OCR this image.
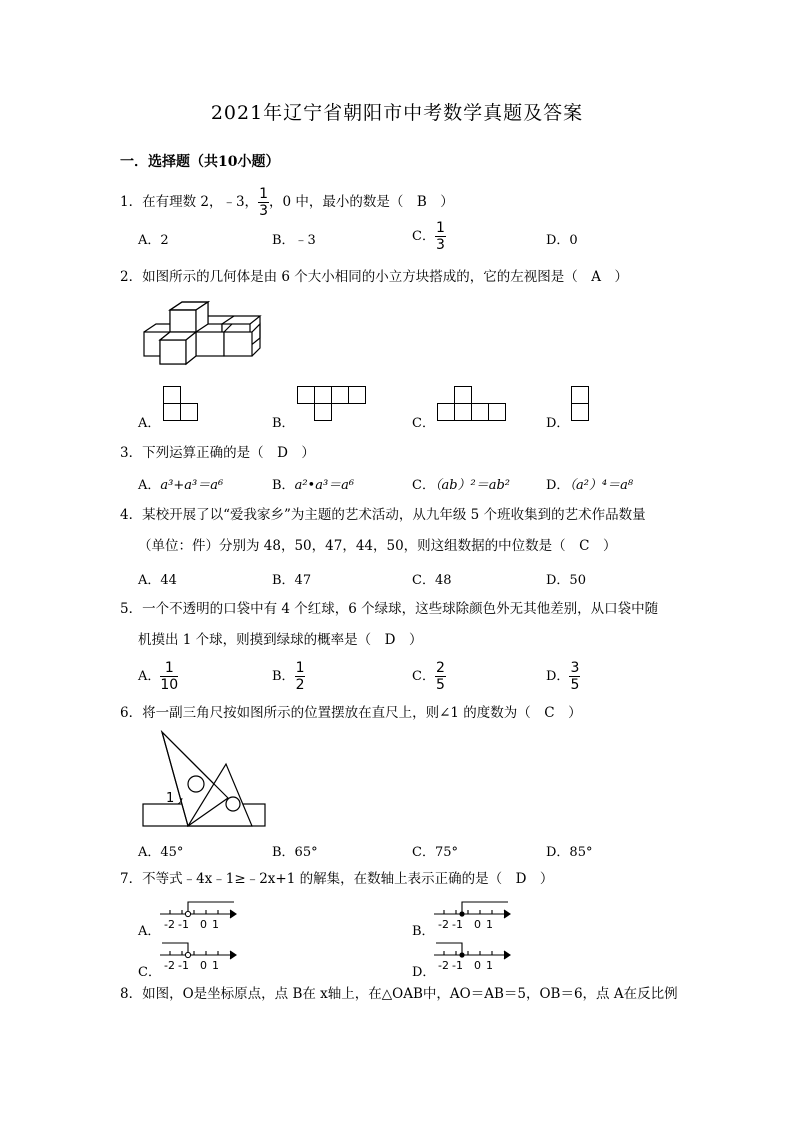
2021年辽宁省朝阳市中考数学真题及答案
一．选择题（共10小题）
1．在有理数 2，﹣3， $\frac{1}{3}$ ，0 中，最小的数是（　B　）
A．2	B．﹣3	C． $\frac{1}{3}$	D．0
2．如图所示的几何体是由 6 个大小相同的小立方块搭成的，它的左视图是（　A　）
A．	B．	C．	D．
3．下列运算正确的是（　D　）
A．a³+a³＝a⁶	B．a²•a³＝a⁶	C．（ab）²＝ab²	D．（a²）⁴＝a⁸
4．某校开展了以“爱我家乡”为主题的艺术活动，从九年级 5 个班收集到的艺术作品数量
（单位：件）分别为 48，50，47，44，50，则这组数据的中位数是（　C　）
A．44	B．47	C．48	D．50
5．一个不透明的口袋中有 4 个红球，6 个绿球，这些球除颜色外无其他差别，从口袋中随
机摸出 1 个球，则摸到绿球的概率是（　D　）
A． $\frac{1}{10}$	B． $\frac{1}{2}$	C． $\frac{2}{5}$	D． $\frac{3}{5}$
6．将一副三角尺按如图所示的位置摆放在直尺上，则∠1 的度数为（　C　）
1
A．45°	B．65°	C．75°	D．85°
7．不等式﹣4x﹣1≥﹣2x+1 的解集，在数轴上表示正确的是（　D　）
A． -2 -1 0 1	B． -2 -1 0 1
C． -2 -1 0 1	D． -2 -1 0 1
8．如图，O是坐标原点，点 B在 x轴上，在△OAB中，AO＝AB＝5，OB＝6，点 A在反比例
